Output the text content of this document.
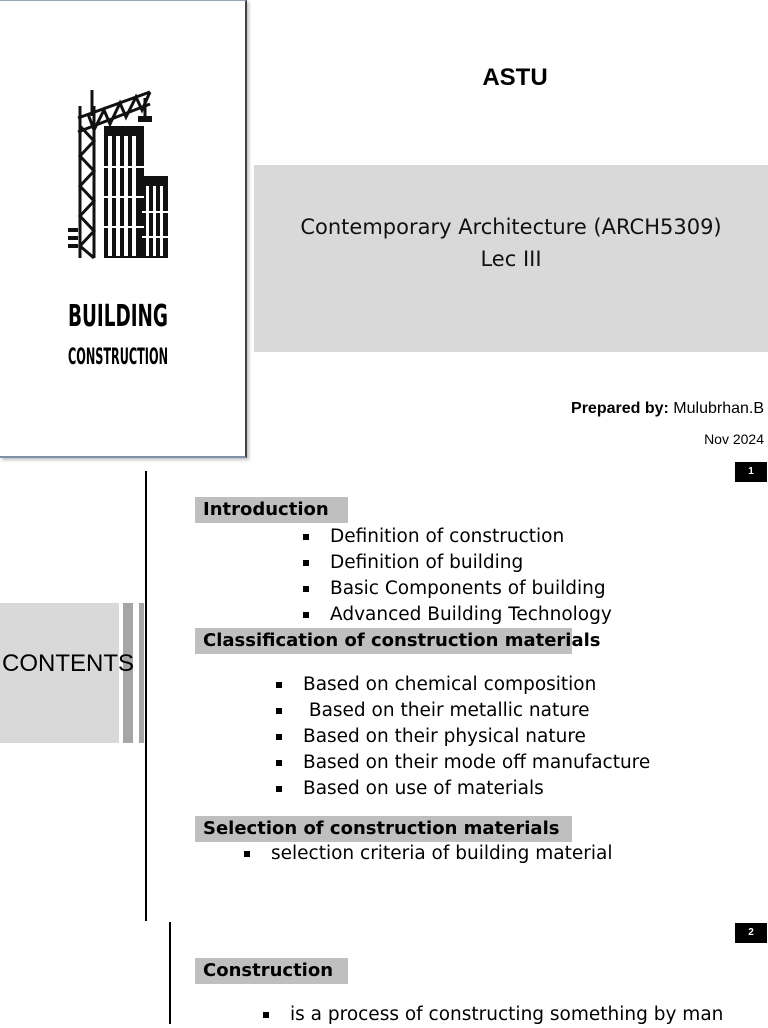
BUILDING
CONSTRUCTION
ASTU
Contemporary Architecture (ARCH5309)
Lec III
Prepared by: Mulubrhan.B
Nov 2024
1
CONTENTS
Introduction
Definition of construction
Definition of building
Basic Components of building
Advanced Building Technology
Classification of construction materials
Based on chemical composition
Based on their metallic nature
Based on their physical nature
Based on their mode off manufacture
Based on use of materials
Selection of construction materials
selection criteria of building material
2
Construction
is a process of constructing something by man
